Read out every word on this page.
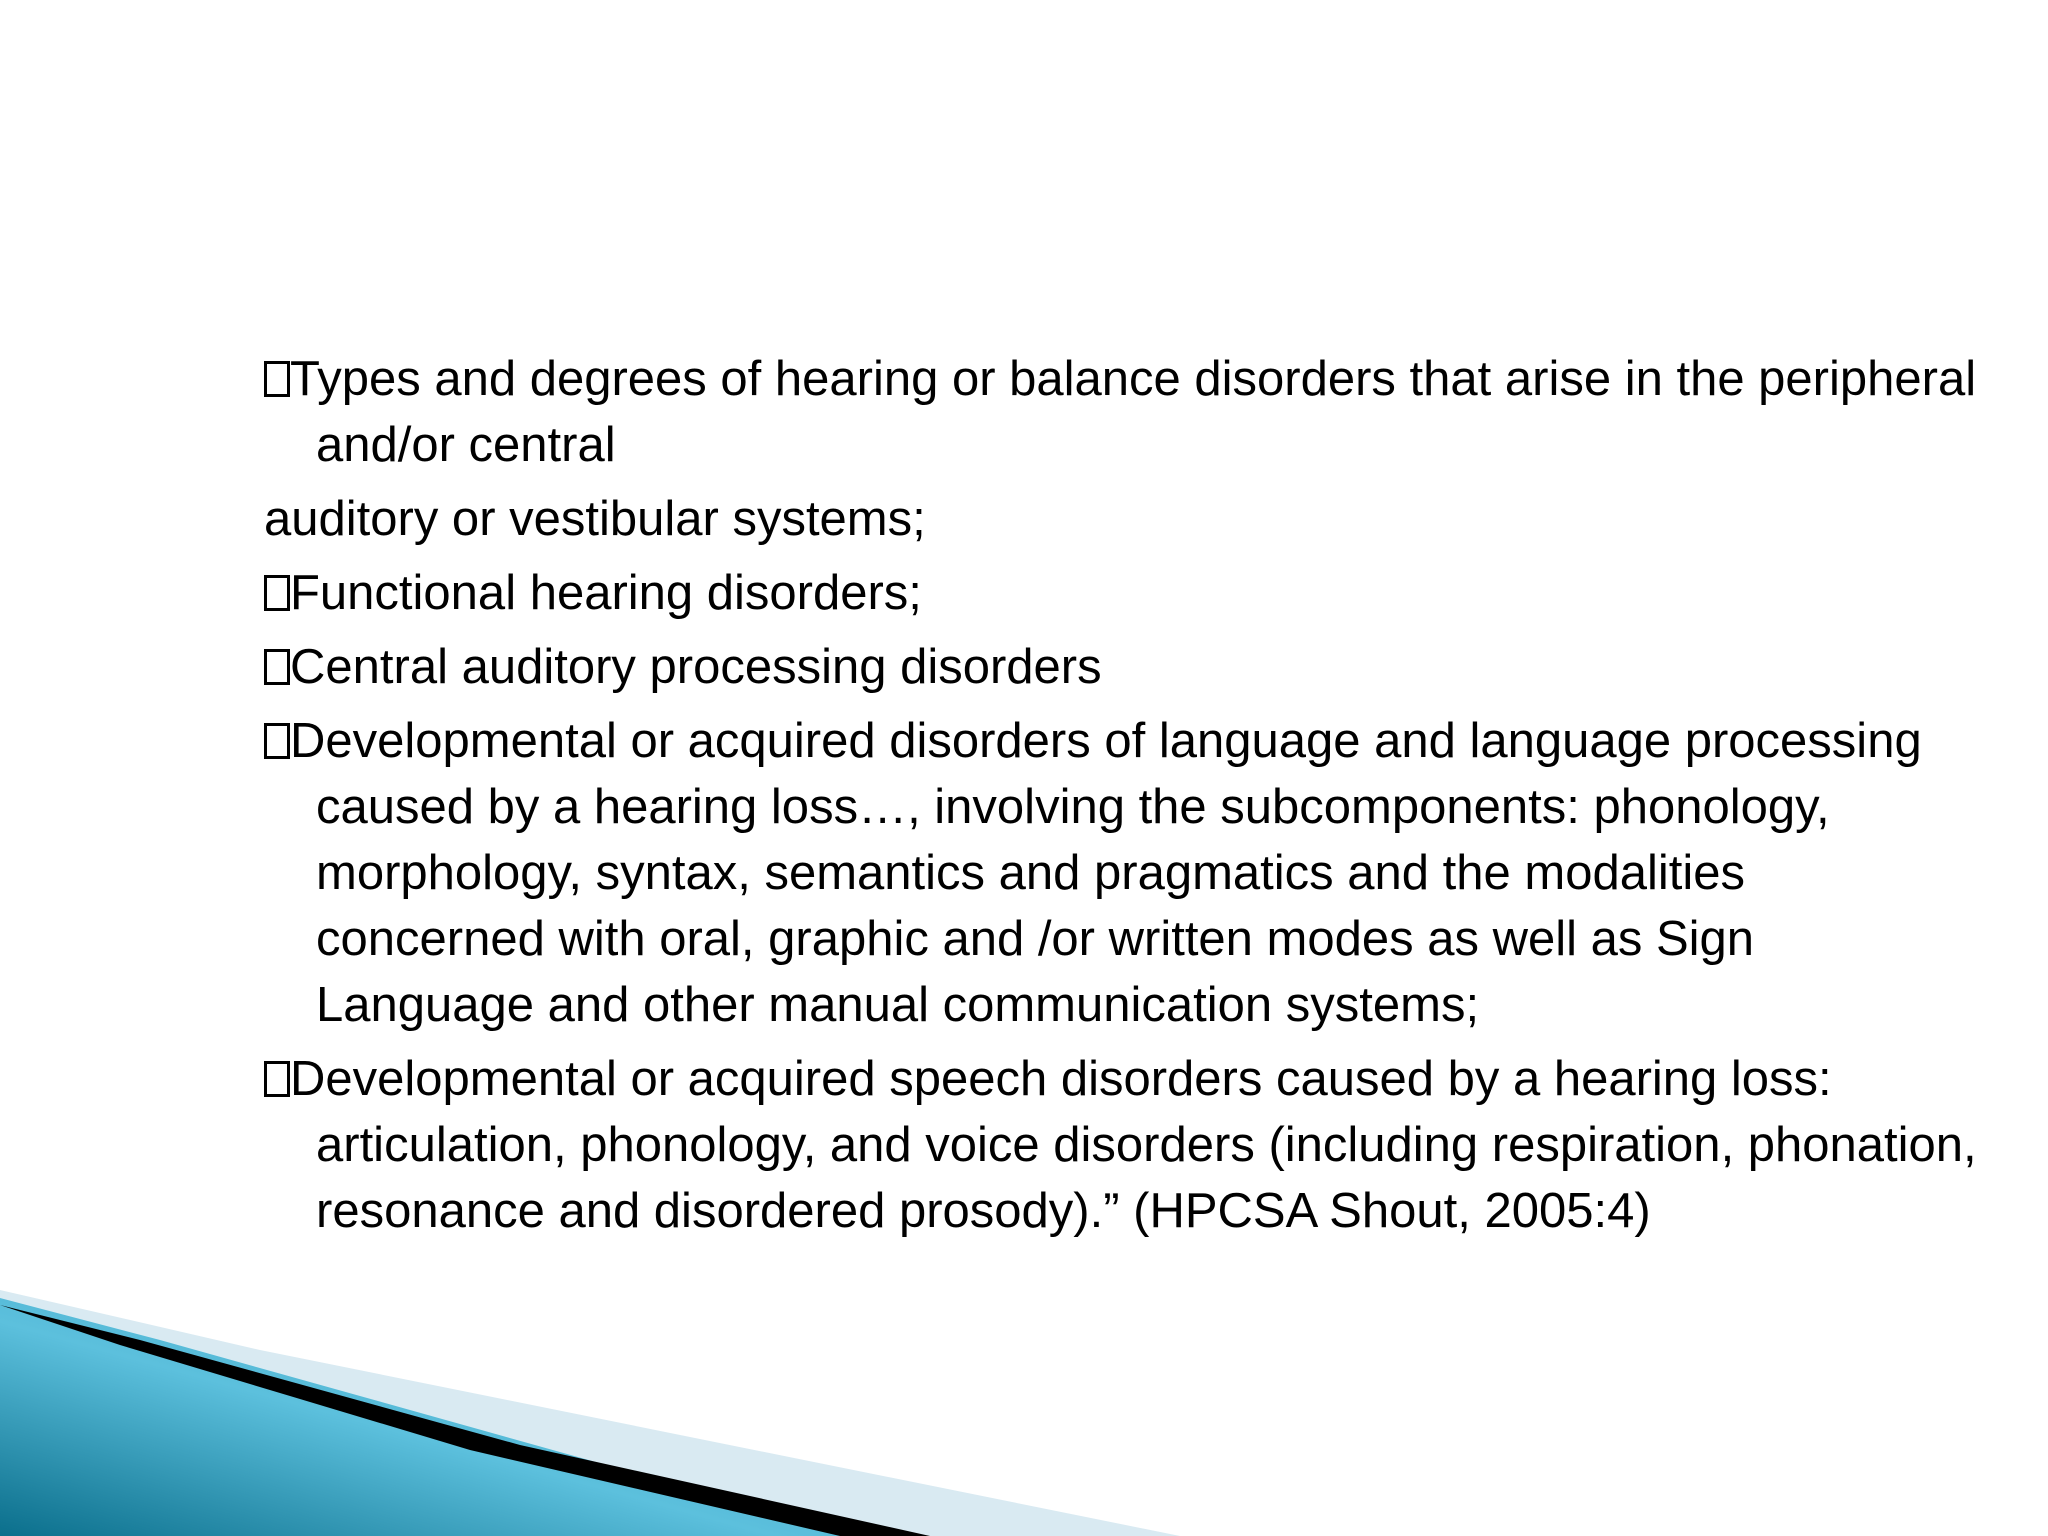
Types and degrees of hearing or balance disorders that arise in the peripheral and/or central
auditory or vestibular systems;
Functional hearing disorders;
Central auditory processing disorders
Developmental or acquired disorders of language and language processing caused by a hearing loss…, involving the subcomponents: phonology, morphology, syntax, semantics and pragmatics and the modalities concerned with oral, graphic and /or written modes as well as Sign Language and other manual communication systems;
Developmental or acquired speech disorders caused by a hearing loss: articulation, phonology, and voice disorders (including respiration, phonation, resonance and disordered prosody).” (HPCSA Shout, 2005:4)
